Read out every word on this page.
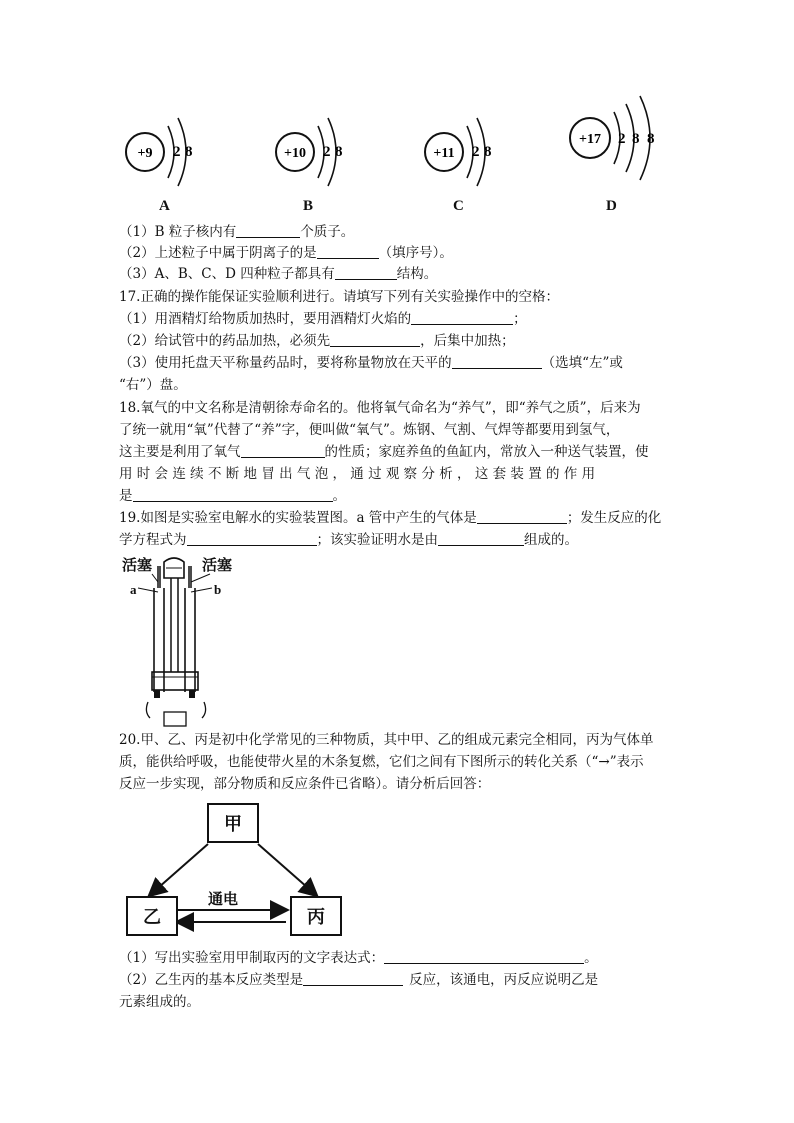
+9 2 8	+10 2 8	+11 2 8
+17 2 8 8
A	B	C	D
（1）B 粒子核内有	个质子。
（2）上述粒子中属于阴离子的是	（填序号）。
（3）A、B、C、D 四种粒子都具有	结构。
17.正确的操作能保证实验顺利进行。请填写下列有关实验操作中的空格：
（1）用酒精灯给物质加热时，要用酒精灯火焰的	；
（2）给试管中的药品加热，必须先	，后集中加热；
（3）使用托盘天平称量药品时，要将称量物放在天平的	（选填“左”或
“右”）盘。
18.氧气的中文名称是清朝徐寿命名的。他将氧气命名为“养气”，即“养气之质”，后来为
了统一就用“氧”代替了“养”字，便叫做“氧气”。炼钢、气割、气焊等都要用到氢气，
这主要是利用了氧气	的性质；家庭养鱼的鱼缸内，常放入一种送气装置，使
用 时 会 连 续 不 断 地 冒 出 气 泡 ， 通 过 观 察 分 析 ， 这 套 装 置 的 作 用
是	。
19.如图是实验室电解水的实验装置图。a 管中产生的气体是	；发生反应的化
学方程式为	；该实验证明水是由	组成的。
活塞	活塞
a	b
20.甲、乙、丙是初中化学常见的三种物质，其中甲、乙的组成元素完全相同，丙为气体单
质，能供给呼吸，也能使带火星的木条复燃，它们之间有下图所示的转化关系（“→”表示
反应一步实现，部分物质和反应条件已省略）。请分析后回答：
甲
乙	丙
通电
（1）写出实验室用甲制取丙的文字表达式：	。
（2）乙生丙的基本反应类型是	反应，该通电，丙反应说明乙是
元素组成的。
